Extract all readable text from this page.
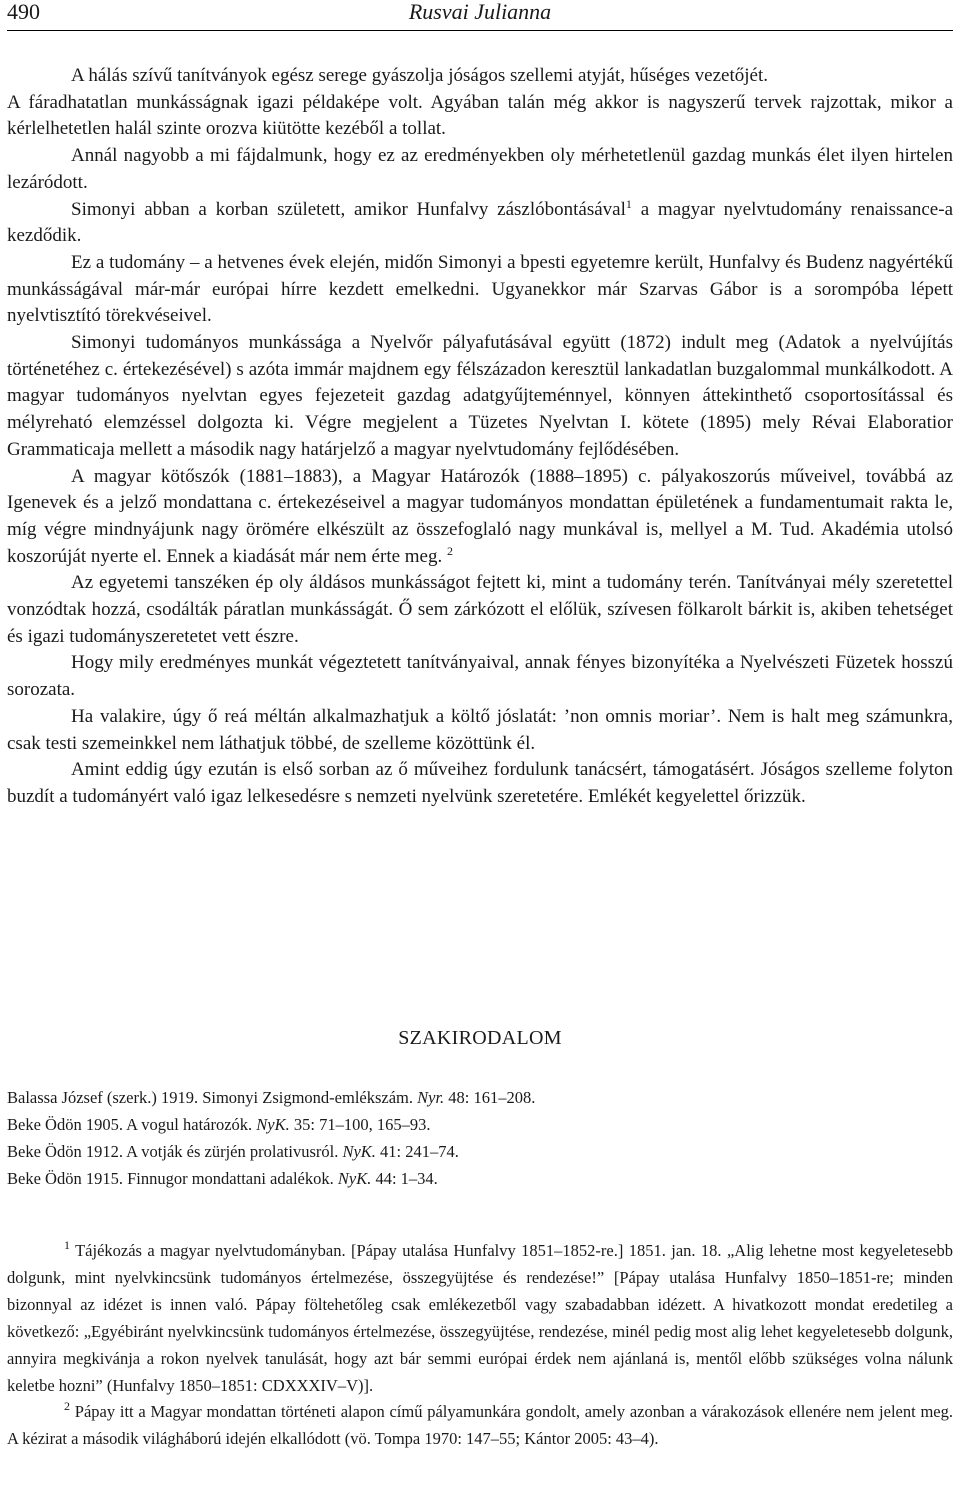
490	Rusvai Julianna

A hálás szívű tanítványok egész serege gyászolja jóságos szellemi atyját, hűséges vezetőjét.

A fáradhatatlan munkásságnak igazi példaképe volt. Agyában talán még akkor is nagyszerű tervek rajzottak, mikor a kérlelhetetlen halál szinte orozva kiütötte kezéből a tollat.

Annál nagyobb a mi fájdalmunk, hogy ez az eredményekben oly mérhetetlenül gazdag munkás élet ilyen hirtelen lezáródott.

Simonyi abban a korban született, amikor Hunfalvy zászlóbontásával$^1$ a magyar nyelvtudomány renaissance-a kezdődik.

Ez a tudomány – a hetvenes évek elején, midőn Simonyi a bpesti egyetemre került, Hunfalvy és Budenz nagyértékű munkásságával már-már európai hírre kezdett emelkedni. Ugyanekkor már Szarvas Gábor is a sorompóba lépett nyelvtisztító törekvéseivel.

Simonyi tudományos munkássága a Nyelvőr pályafutásával együtt (1872) indult meg (Adatok a nyelvújítás történetéhez c. értekezésével) s azóta immár majdnem egy félszázadon keresztül lankadatlan buzgalommal munkálkodott. A magyar tudományos nyelvtan egyes fejezeteit gazdag adatgyűjteménnyel, könnyen áttekinthető csoportosítással és mélyreható elemzéssel dolgozta ki. Végre megjelent a Tüzetes Nyelvtan I. kötete (1895) mely Révai Elaboratior Grammaticaja mellett a második nagy határjelző a magyar nyelvtudomány fejlődésében.

A magyar kötőszók (1881–1883), a Magyar Határozók (1888–1895) c. pályakoszorús műveivel, továbbá az Igenevek és a jelző mondattana c. értekezéseivel a magyar tudományos mondattan épületének a fundamentumait rakta le, míg végre mindnyájunk nagy örömére elkészült az összefoglaló nagy munkával is, mellyel a M. Tud. Akadémia utolsó koszorúját nyerte el. Ennek a kiadását már nem érte meg. $^2$

Az egyetemi tanszéken ép oly áldásos munkásságot fejtett ki, mint a tudomány terén. Tanítványai mély szeretettel vonzódtak hozzá, csodálták páratlan munkásságát. Ő sem zárkózott el előlük, szívesen fölkarolt bárkit is, akiben tehetséget és igazi tudományszeretetet vett észre.

Hogy mily eredményes munkát végeztetett tanítványaival, annak fényes bizonyítéka a Nyelvészeti Füzetek hosszú sorozata.

Ha valakire, úgy ő reá méltán alkalmazhatjuk a költő jóslatát: ’non omnis moriar’. Nem is halt meg számunkra, csak testi szemeinkkel nem láthatjuk többé, de szelleme közöttünk él.

Amint eddig úgy ezután is első sorban az ő műveihez fordulunk tanácsért, támogatásért. Jóságos szelleme folyton buzdít a tudományért való igaz lelkesedésre s nemzeti nyelvünk szeretetére. Emlékét kegyelettel őrizzük.

SZAKIRODALOM

Balassa József (szerk.) 1919. Simonyi Zsigmond-emlékszám. Nyr. 48: 161–208.

Beke Ödön 1905. A vogul határozók. NyK. 35: 71–100, 165–93.

Beke Ödön 1912. A votják és zürjén prolativusról. NyK. 41: 241–74.

Beke Ödön 1915. Finnugor mondattani adalékok. NyK. 44: 1–34.

$^1$ Tájékozás a magyar nyelvtudományban. [Pápay utalása Hunfalvy 1851–1852-re.] 1851. jan. 18. „Alig lehetne most kegyeletesebb dolgunk, mint nyelvkincsünk tudományos értelmezése, összegyüjtése és rendezése!” [Pápay utalása Hunfalvy 1850–1851-re; minden bizonnyal az idézet is innen való. Pápay föltehetőleg csak emlékezetből vagy szabadabban idézett. A hivatkozott mondat eredetileg a következő: „Egyébiránt nyelvkincsünk tudományos értelmezése, összegyüjtése, rendezése, minél pedig most alig lehet kegyeletesebb dolgunk, annyira megkivánja a rokon nyelvek tanulását, hogy azt bár semmi európai érdek nem ajánlaná is, mentől előbb szükséges volna nálunk keletbe hozni” (Hunfalvy 1850–1851: CDXXXIV–V)].

$^2$ Pápay itt a Magyar mondattan történeti alapon című pályamunkára gondolt, amely azonban a várakozások ellenére nem jelent meg. A kézirat a második világháború idején elkallódott (vö. Tompa 1970: 147–55; Kántor 2005: 43–4).
